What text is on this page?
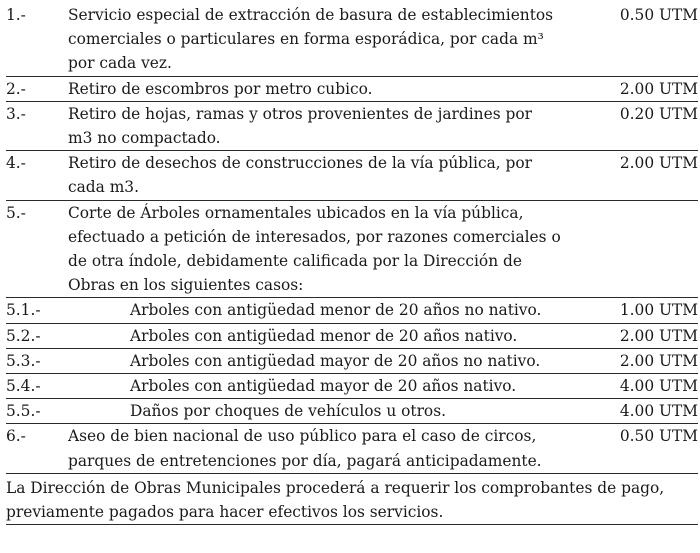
1.-	Servicio especial de extracción de basura de establecimientos
comerciales o particulares en forma esporádica, por cada m³
por cada vez.	0.50 UTM
2.-	Retiro de escombros por metro cubico.	2.00 UTM
3.-	Retiro de hojas, ramas y otros provenientes de jardines por
m3 no compactado.	0.20 UTM
4.-	Retiro de desechos de construcciones de la vía pública, por
cada m3.	2.00 UTM
5.-	Corte de Árboles ornamentales ubicados en la vía pública,
efectuado a petición de interesados, por razones comerciales o
de otra índole, debidamente calificada por la Dirección de
Obras en los siguientes casos:	

5.1.-	Arboles con antigüedad menor de 20 años no nativo.	1.00 UTM
5.2.-	Arboles con antigüedad menor de 20 años nativo.	2.00 UTM
5.3.-	Arboles con antigüedad mayor de 20 años no nativo.	2.00 UTM
5.4.-	Arboles con antigüedad mayor de 20 años nativo.	4.00 UTM
5.5.-	Daños por choques de vehículos u otros.	4.00 UTM
6.-	Aseo de bien nacional de uso público para el caso de circos,
parques de entretenciones por día, pagará anticipadamente.	0.50 UTM

La Dirección de Obras Municipales procederá a requerir los comprobantes de pago,
previamente pagados para hacer efectivos los servicios.		
